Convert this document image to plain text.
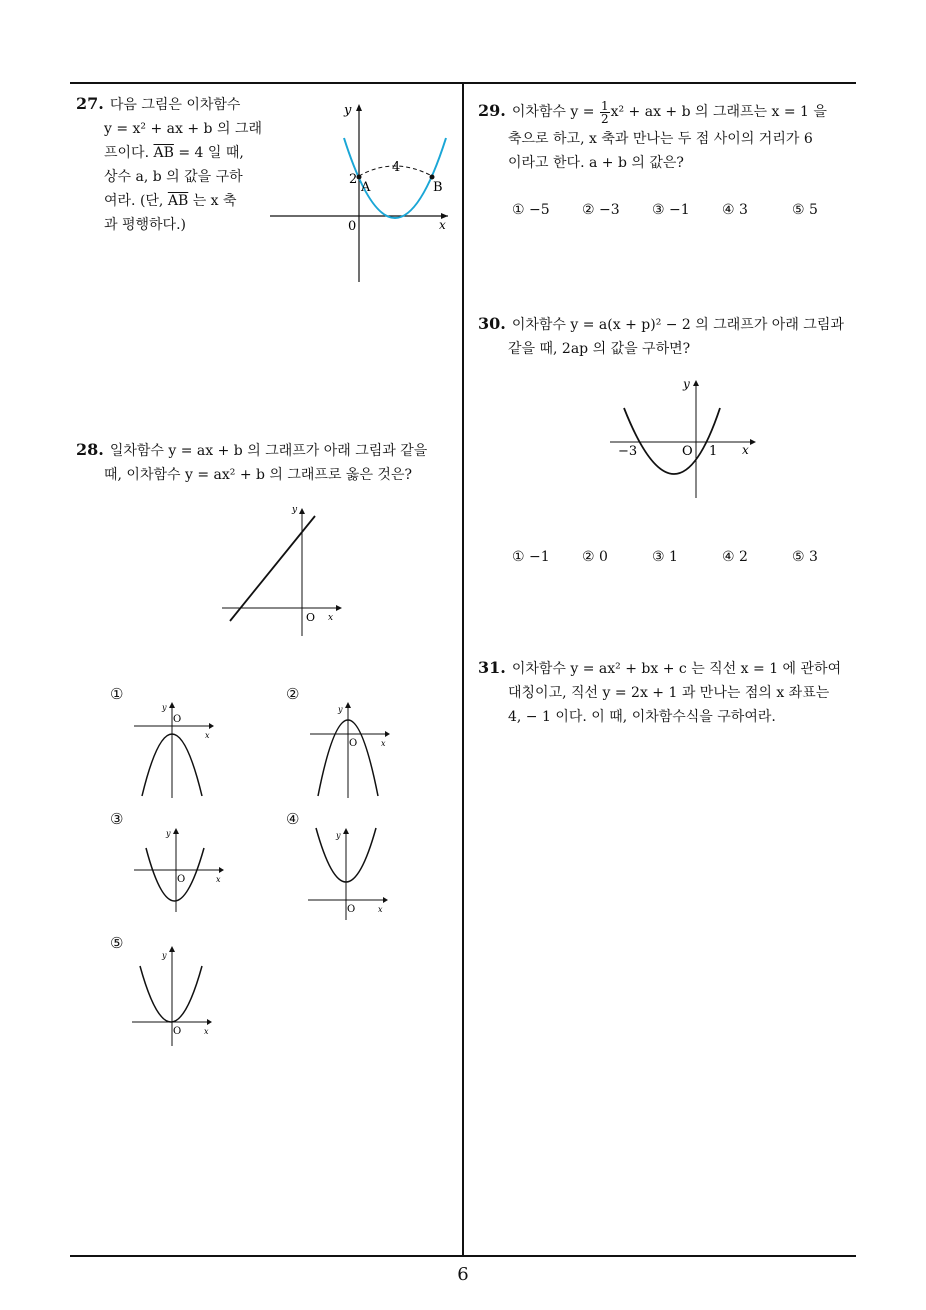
27. 다음 그림은 이차함수
y = x² + ax + b 의 그래
프이다. $\overline{AB} = 4$ 일 때,
상수 a, b 의 값을 구하
여라. (단, $\overline{AB}$ 는 x 축
과 평행하다.)
y
x
0
2
4
A	B
28. 일차함수 y = ax + b 의 그래프가 아래 그림과 같을
때, 이차함수 y = ax² + b 의 그래프로 옳은 것은?
y
x
O
①
y
x
O
②
y
x
O
③
y
x
O
④
y
x
O
⑤
y
x
O
29. 이차함수 $y = \frac{1}{2} x^2$ + ax + b 의 그래프는 x = 1 을
축으로 하고, x 축과 만나는 두 점 사이의 거리가 6
이라고 한다. a + b 의 값은?
① −5 ② −3 ③ −1 ④ 3	⑤ 5
30. 이차함수 y = a(x + p)² − 2 의 그래프가 아래 그림과
같을 때, 2ap 의 값을 구하면?
y
x
O
−3	1
① −1 ② 0	③ 1	④ 2	⑤ 3
31. 이차함수 y = ax² + bx + c 는 직선 x = 1 에 관하여
대칭이고, 직선 y = 2x + 1 과 만나는 점의 x 좌표는
4, − 1 이다. 이 때, 이차함수식을 구하여라.
6
